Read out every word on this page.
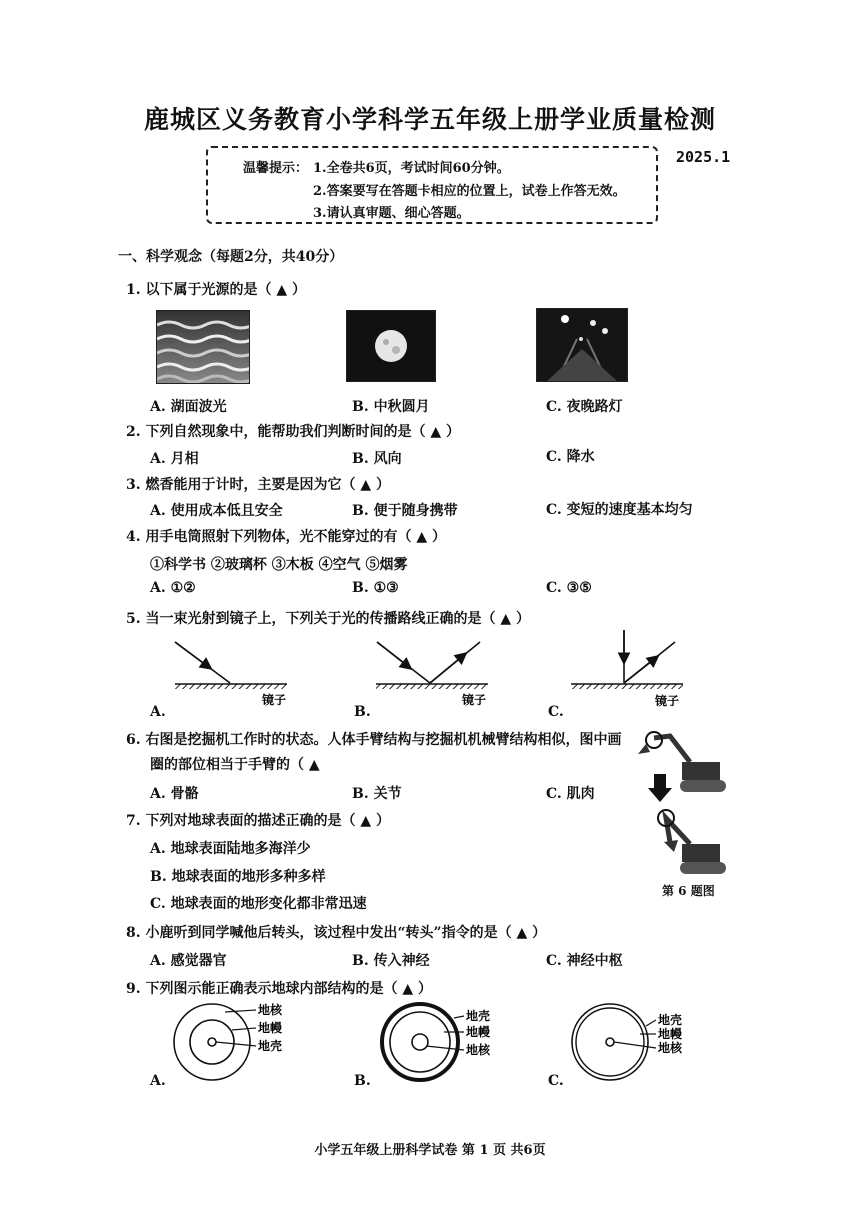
鹿城区义务教育小学科学五年级上册学业质量检测
2025.1
温馨提示： 1.全卷共6页，考试时间60分钟。
2.答案要写在答题卡相应的位置上，试卷上作答无效。
3.请认真审题、细心答题。
一、科学观念（每题2分，共40分）
1. 以下属于光源的是（ ▲ ）
A. 湖面波光	B. 中秋圆月	C. 夜晚路灯
2. 下列自然现象中，能帮助我们判断时间的是（ ▲ ）
A. 月相	B. 风向	C. 降水
3. 燃香能用于计时，主要是因为它（ ▲ ）
A. 使用成本低且安全	B. 便于随身携带	C. 变短的速度基本均匀
4. 用手电筒照射下列物体，光不能穿过的有（ ▲ ）
①科学书 ②玻璃杯 ③木板 ④空气 ⑤烟雾
A. ①②	B. ①③	C. ③⑤
5. 当一束光射到镜子上，下列关于光的传播路线正确的是（ ▲ ）
镜子	镜子	镜子
A.	B.	C.
6. 右图是挖掘机工作时的状态。人体手臂结构与挖掘机机械臂结构相似，图中画
圈的部位相当于手臂的（ ▲
A. 骨骼	B. 关节	C. 肌肉
第 6 题图
7. 下列对地球表面的描述正确的是（ ▲ ）
A. 地球表面陆地多海洋少
B. 地球表面的地形多种多样
C. 地球表面的地形变化都非常迅速
8. 小鹿听到同学喊他后转头，该过程中发出“转头”指令的是（ ▲ ）
A. 感觉器官	B. 传入神经	C. 神经中枢
9. 下列图示能正确表示地球内部结构的是（ ▲ ）
地核
地幔
地壳
地壳
地幔
地核
地壳
地幔
地核
A.	B.	C.
小学五年级上册科学试卷 第 1 页 共6页
